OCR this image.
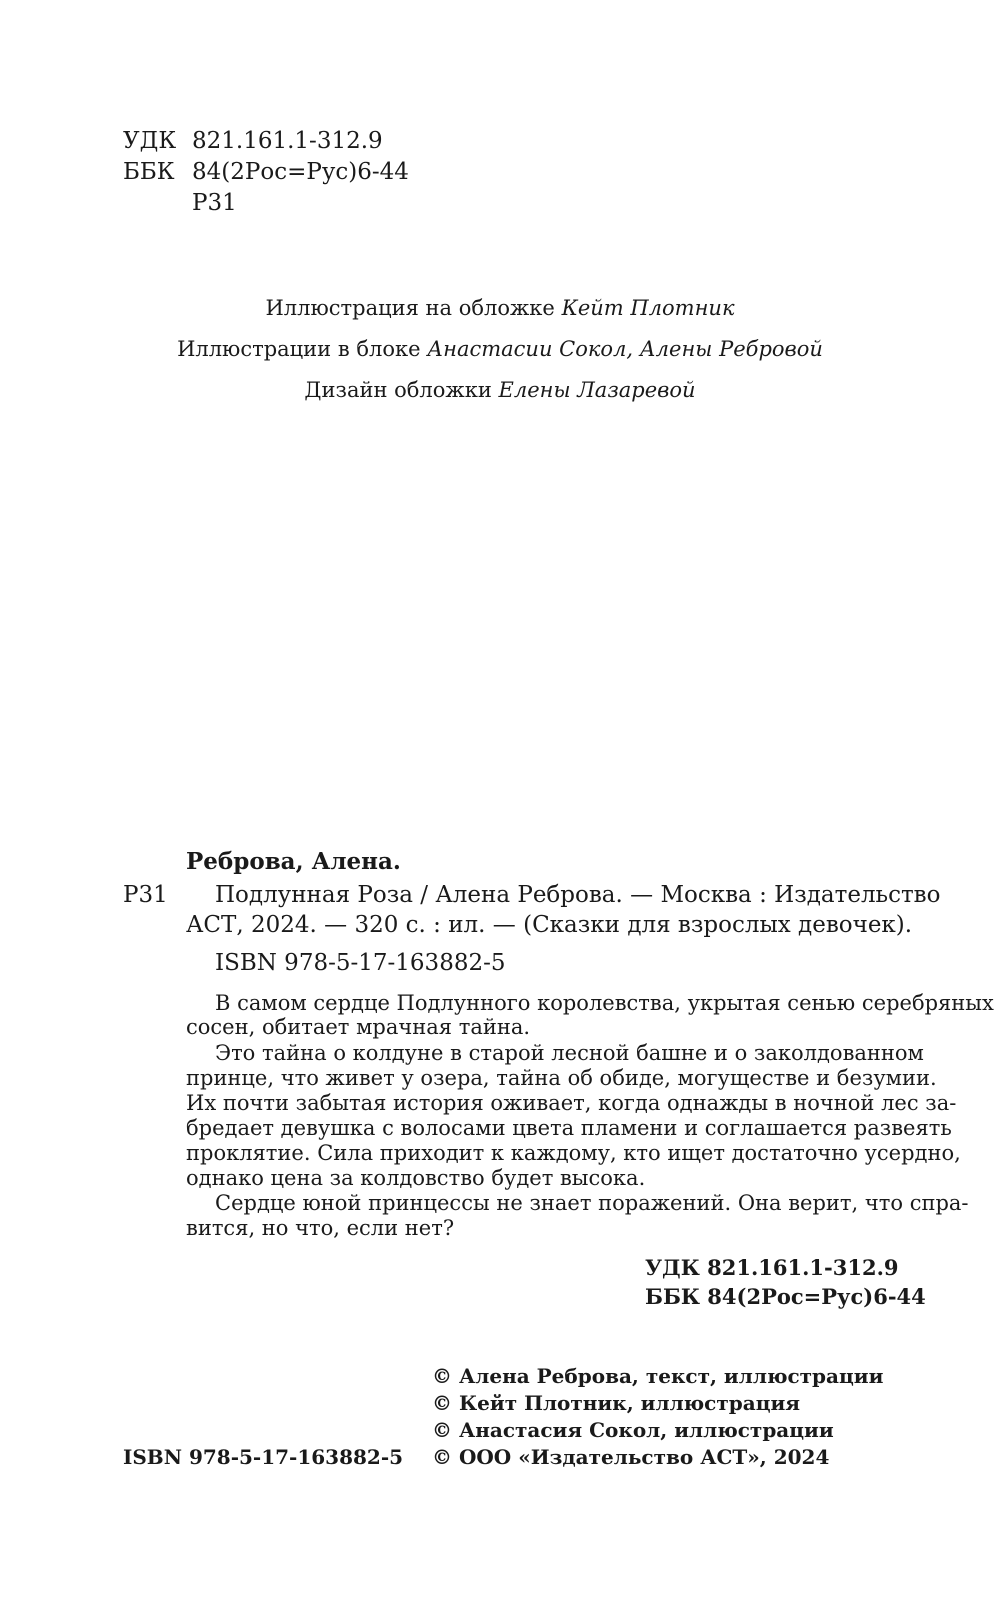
УДК 821.161.1-312.9
ББК 84(2Рос=Рус)6-44
Р31
Иллюстрация на обложке Кейт Плотник
Иллюстрации в блоке Анастасии Сокол, Алены Ребровой
Дизайн обложки Елены Лазаревой
Реброва, Алена.
Р31 Подлунная Роза / Алена Реброва. — Москва : Издательство
АСТ, 2024. — 320 с. : ил. — (Сказки для взрослых девочек).
ISBN 978-5-17-163882-5
В самом сердце Подлунного королевства, укрытая сенью серебряных
сосен, обитает мрачная тайна.
Это тайна о колдуне в старой лесной башне и о заколдованном
принце, что живет у озера, тайна об обиде, могуществе и безумии.
Их почти забытая история оживает, когда однажды в ночной лес за-
бредает девушка с волосами цвета пламени и соглашается развеять
проклятие. Сила приходит к каждому, кто ищет достаточно усердно,
однако цена за колдовство будет высока.
Сердце юной принцессы не знает поражений. Она верит, что спра-
вится, но что, если нет?
УДК 821.161.1-312.9
ББК 84(2Рос=Рус)6-44
© Алена Реброва, текст, иллюстрации
© Кейт Плотник, иллюстрация
© Анастасия Сокол, иллюстрации
ISBN 978-5-17-163882-5 © ООО «Издательство АСТ», 2024
